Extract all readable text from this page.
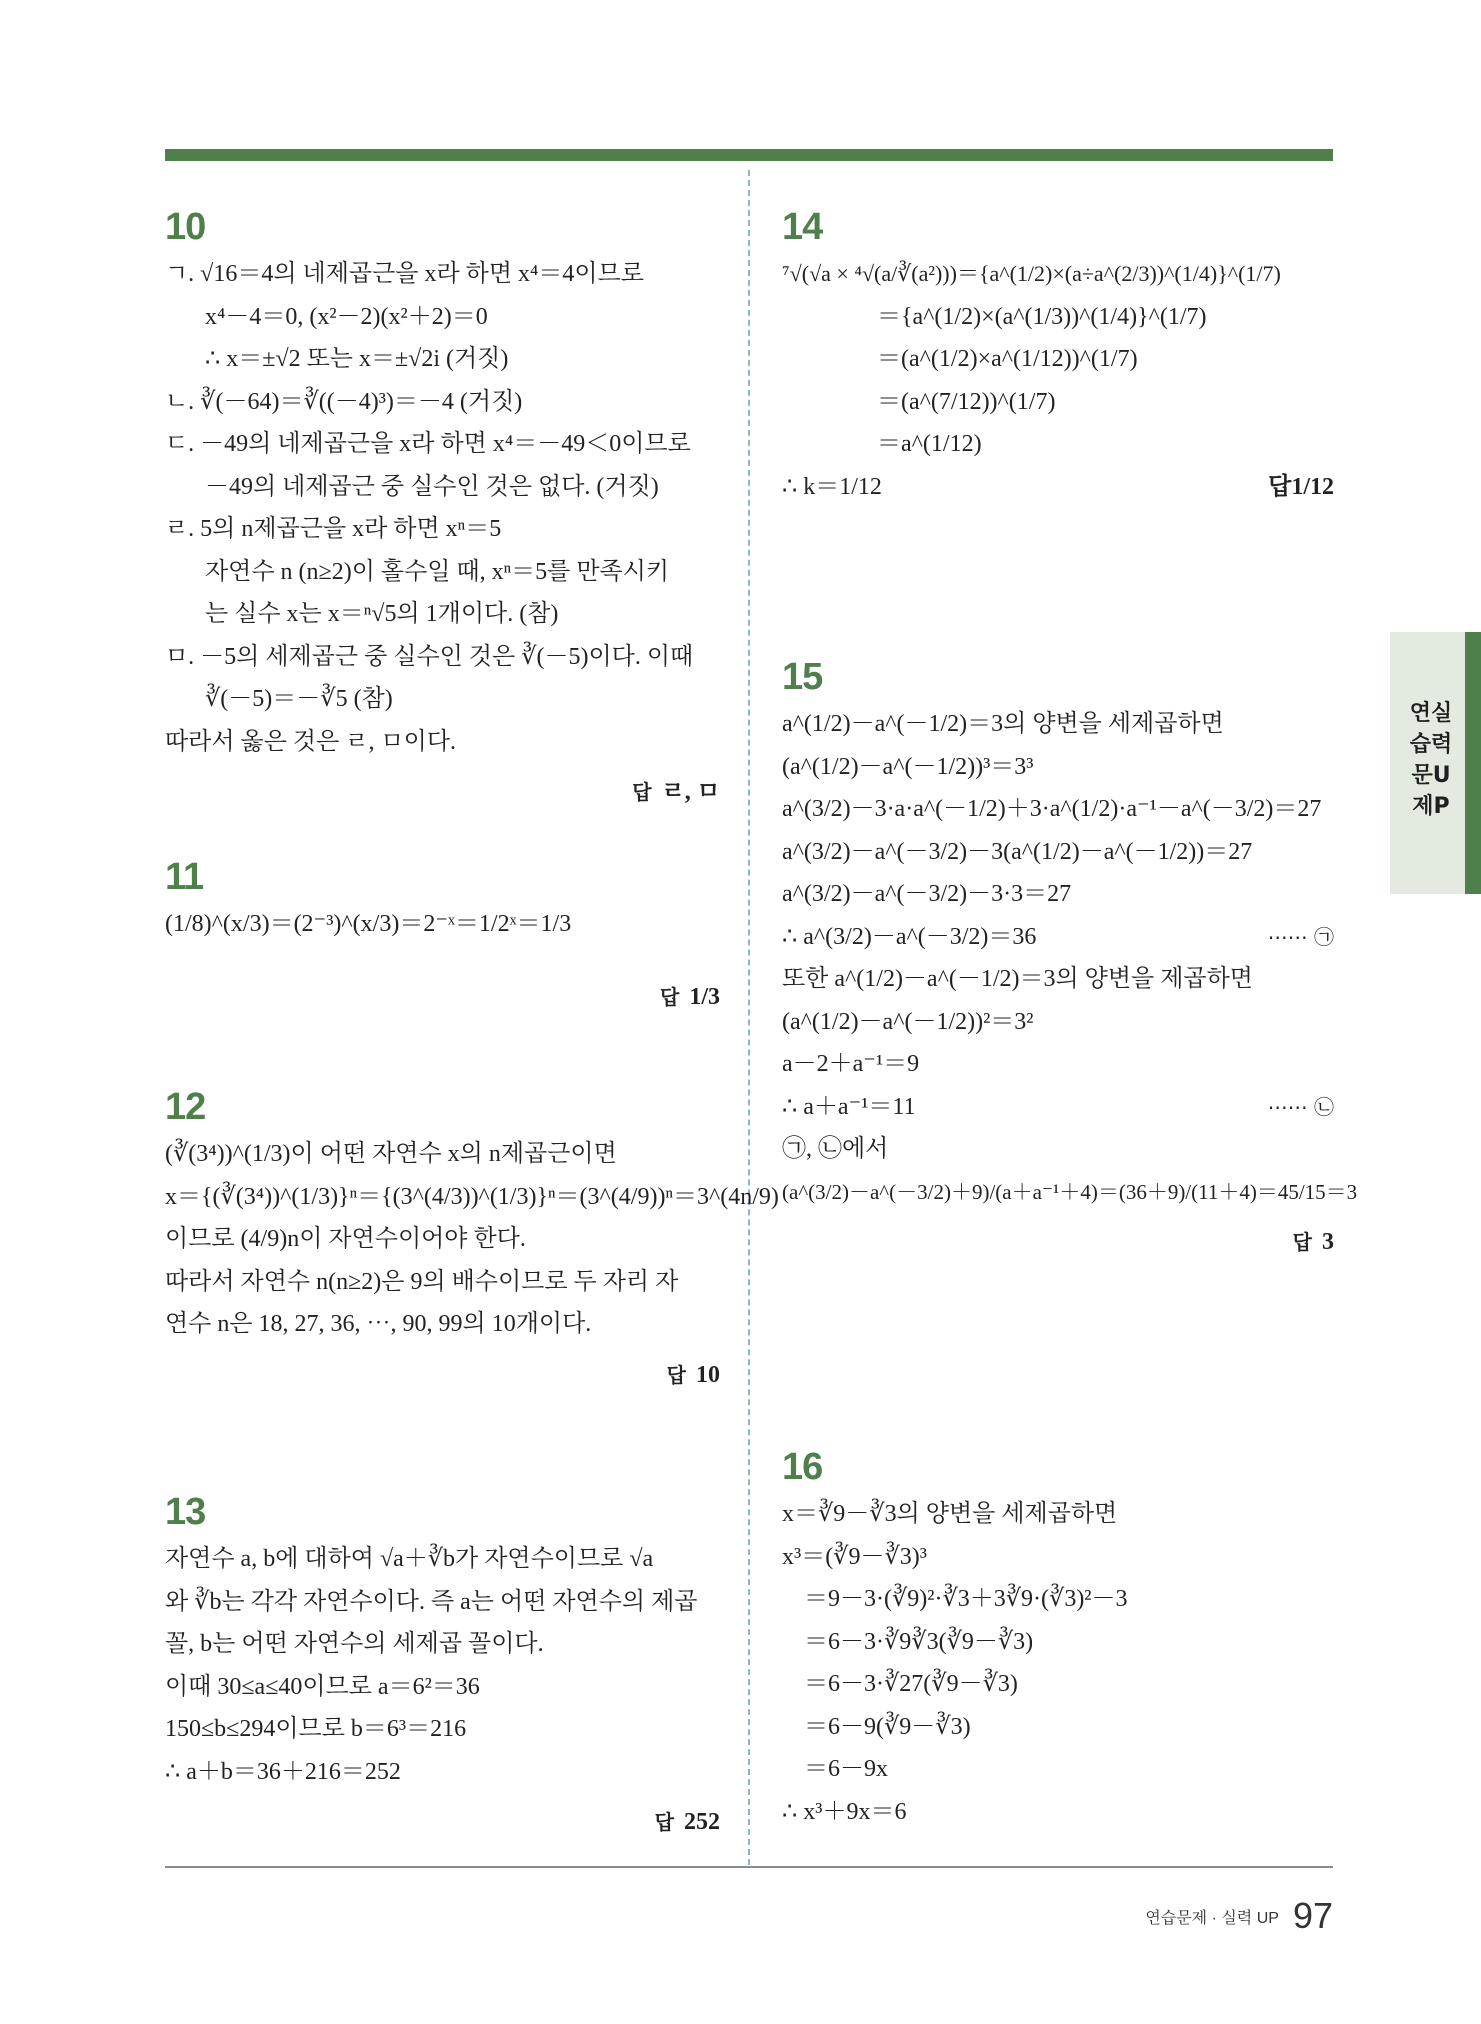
10
ㄱ. √16＝4의 네제곱근을 x라 하면 x⁴＝4이므로
x⁴－4＝0, (x²－2)(x²＋2)＝0
∴ x＝±√2 또는 x＝±√2i (거짓)
ㄴ. ∛(－64)＝∛((－4)³)＝－4 (거짓)
ㄷ. －49의 네제곱근을 x라 하면 x⁴＝－49＜0이므로
－49의 네제곱근 중 실수인 것은 없다. (거짓)
ㄹ. 5의 n제곱근을 x라 하면 xⁿ＝5
자연수 n (n≥2)이 홀수일 때, xⁿ＝5를 만족시키
는 실수 x는 x＝ⁿ√5의 1개이다. (참)
ㅁ. －5의 세제곱근 중 실수인 것은 ∛(－5)이다. 이때
∛(－5)＝－∛5 (참)
따라서 옳은 것은 ㄹ, ㅁ이다.
답 ㄹ, ㅁ
11
(1/8)^(x/3)＝(2⁻³)^(x/3)＝2⁻ˣ＝1/2ˣ＝1/3
답 1/3
12
(∛(3⁴))^(1/3)이 어떤 자연수 x의 n제곱근이면
x＝{(∛(3⁴))^(1/3)}ⁿ＝{(3^(4/3))^(1/3)}ⁿ＝(3^(4/9))ⁿ＝3^(4n/9)
이므로 (4/9)n이 자연수이어야 한다.
따라서 자연수 n(n≥2)은 9의 배수이므로 두 자리 자
연수 n은 18, 27, 36, ⋯, 90, 99의 10개이다.
답 10
13
자연수 a, b에 대하여 √a＋∛b가 자연수이므로 √a
와 ∛b는 각각 자연수이다. 즉 a는 어떤 자연수의 제곱
꼴, b는 어떤 자연수의 세제곱 꼴이다.
이때 30≤a≤40이므로 a＝6²＝36
150≤b≤294이므로 b＝6³＝216
∴ a＋b＝36＋216＝252
답 252
14
⁷√(√a × ⁴√(a/∛(a²)))＝{a^(1/2)×(a÷a^(2/3))^(1/4)}^(1/7)
＝{a^(1/2)×(a^(1/3))^(1/4)}^(1/7)
＝(a^(1/2)×a^(1/12))^(1/7)
＝(a^(7/12))^(1/7)
＝a^(1/12)
∴ k＝1/12	답1/12
15
a^(1/2)－a^(－1/2)＝3의 양변을 세제곱하면
(a^(1/2)－a^(－1/2))³＝3³
a^(3/2)－3·a·a^(－1/2)＋3·a^(1/2)·a⁻¹－a^(－3/2)＝27
a^(3/2)－a^(－3/2)－3(a^(1/2)－a^(－1/2))＝27
a^(3/2)－a^(－3/2)－3·3＝27
∴ a^(3/2)－a^(－3/2)＝36	⋯⋯ ㉠
또한 a^(1/2)－a^(－1/2)＝3의 양변을 제곱하면
(a^(1/2)－a^(－1/2))²＝3²
a－2＋a⁻¹＝9
∴ a＋a⁻¹＝11	⋯⋯ ㉡
㉠, ㉡에서
(a^(3/2)－a^(－3/2)＋9)/(a＋a⁻¹＋4)＝(36＋9)/(11＋4)＝45/15＝3
답 3
16
x＝∛9－∛3의 양변을 세제곱하면
x³＝(∛9－∛3)³
＝9－3·(∛9)²·∛3＋3∛9·(∛3)²－3
＝6－3·∛9∛3(∛9－∛3)
＝6－3·∛27(∛9－∛3)
＝6－9(∛9－∛3)
＝6－9x
∴ x³＋9x＝6
연실
습력
문U
제P
연습문제 · 실력 UP 97
